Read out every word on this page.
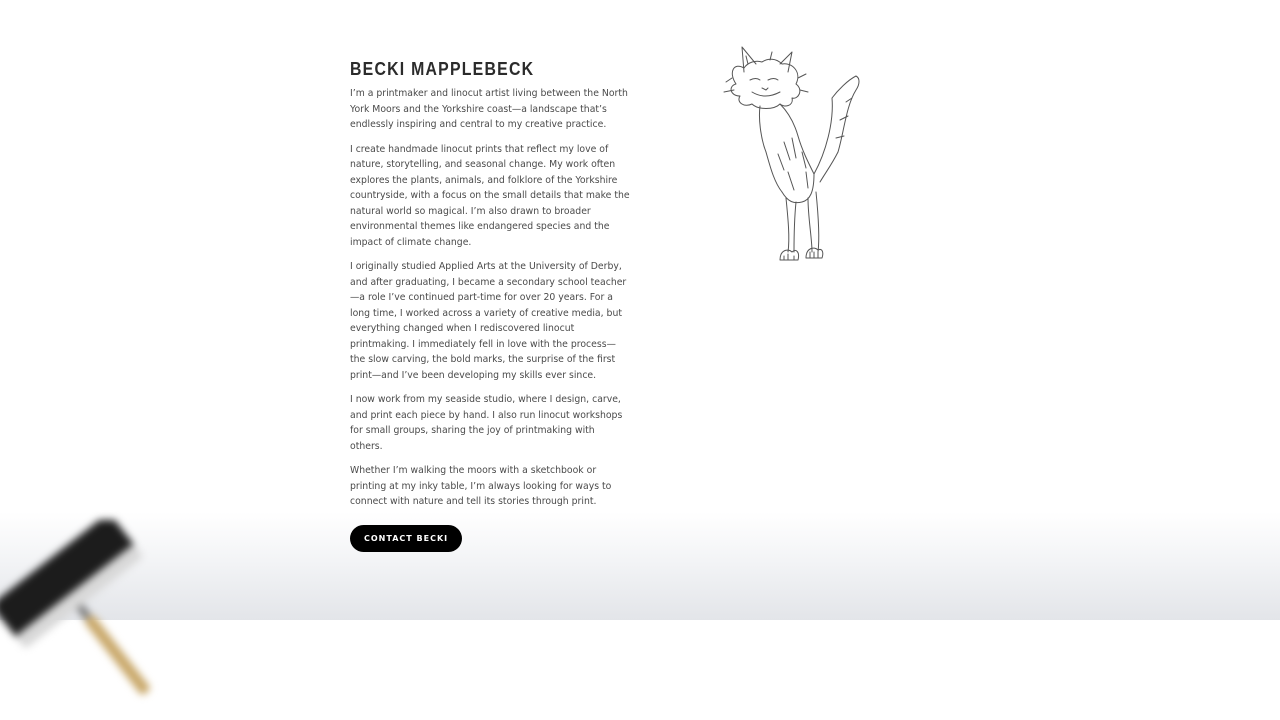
BECKI MAPPLEBECK

I’m a printmaker and linocut artist living between the North York Moors and the Yorkshire coast—a landscape that’s endlessly inspiring and central to my creative practice.

I create handmade linocut prints that reflect my love of nature, storytelling, and seasonal change. My work often explores the plants, animals, and folklore of the Yorkshire countryside, with a focus on the small details that make the natural world so magical. I’m also drawn to broader environmental themes like endangered species and the impact of climate change.

I originally studied Applied Arts at the University of Derby, and after graduating, I became a secondary school teacher—a role I’ve continued part-time for over 20 years. For a long time, I worked across a variety of creative media, but everything changed when I rediscovered linocut printmaking. I immediately fell in love with the process—the slow carving, the bold marks, the surprise of the first print—and I’ve been developing my skills ever since.

I now work from my seaside studio, where I design, carve, and print each piece by hand. I also run linocut workshops for small groups, sharing the joy of printmaking with others.

Whether I’m walking the moors with a sketchbook or printing at my inky table, I’m always looking for ways to connect with nature and tell its stories through print.

CONTACT BECKI
